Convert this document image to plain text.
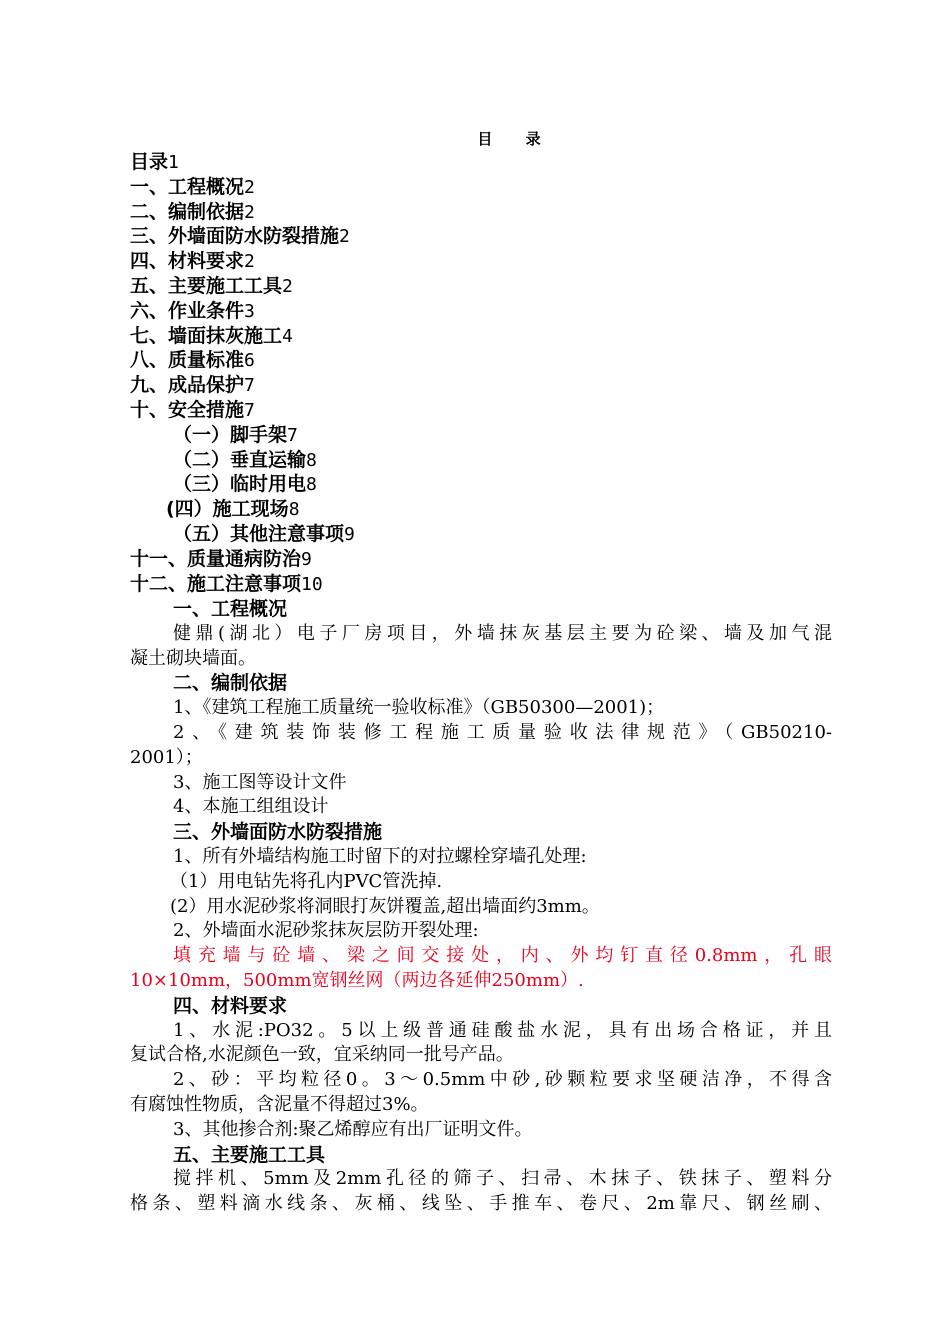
目 录
目录1
一、工程概况2
二、编制依据2
三、外墙面防水防裂措施2
四、材料要求2
五、主要施工工具2
六、作业条件3
七、墙面抹灰施工4
八、质量标准6
九、成品保护7
十、安全措施7
（一）脚手架7
（二）垂直运输8
（三）临时用电8
(四）施工现场8
（五）其他注意事项9
十一、质量通病防治9
十二、施工注意事项10
一、工程概况
健鼎(湖北）电子厂房项目，外墙抹灰基层主要为砼梁、墙及加气混
凝土砌块墙面。
二、编制依据
1、《建筑工程施工质量统一验收标准》（GB50300—2001)；
2、《建筑装饰装修工程施工质量验收法律规范》（GB50210-
2001）；
3、施工图等设计文件
4、本施工组组设计
三、外墙面防水防裂措施
1、所有外墙结构施工时留下的对拉螺栓穿墙孔处理:
（1）用电钻先将孔内PVC管洗掉.
(2）用水泥砂浆将洞眼打灰饼覆盖,超出墙面约3mm。
2、外墙面水泥砂浆抹灰层防开裂处理:
填充墙与砼墙、梁之间交接处，内、外均钉直径0.8mm，孔眼
10×10mm，500mm宽钢丝网（两边各延伸250mm）.
四、材料要求
1、水泥:PO32。5以上级普通硅酸盐水泥，具有出场合格证，并且
复试合格,水泥颜色一致，宜采纳同一批号产品。
2、砂：平均粒径0。3～0.5mm中砂,砂颗粒要求坚硬洁净，不得含
有腐蚀性物质，含泥量不得超过3%。
3、其他掺合剂:聚乙烯醇应有出厂证明文件。
五、主要施工工具
搅拌机、5mm及2mm孔径的筛子、扫帚、木抹子、铁抹子、塑料分
格条、塑料滴水线条、灰桶、线坠、手推车、卷尺、2m靠尺、钢丝刷、
